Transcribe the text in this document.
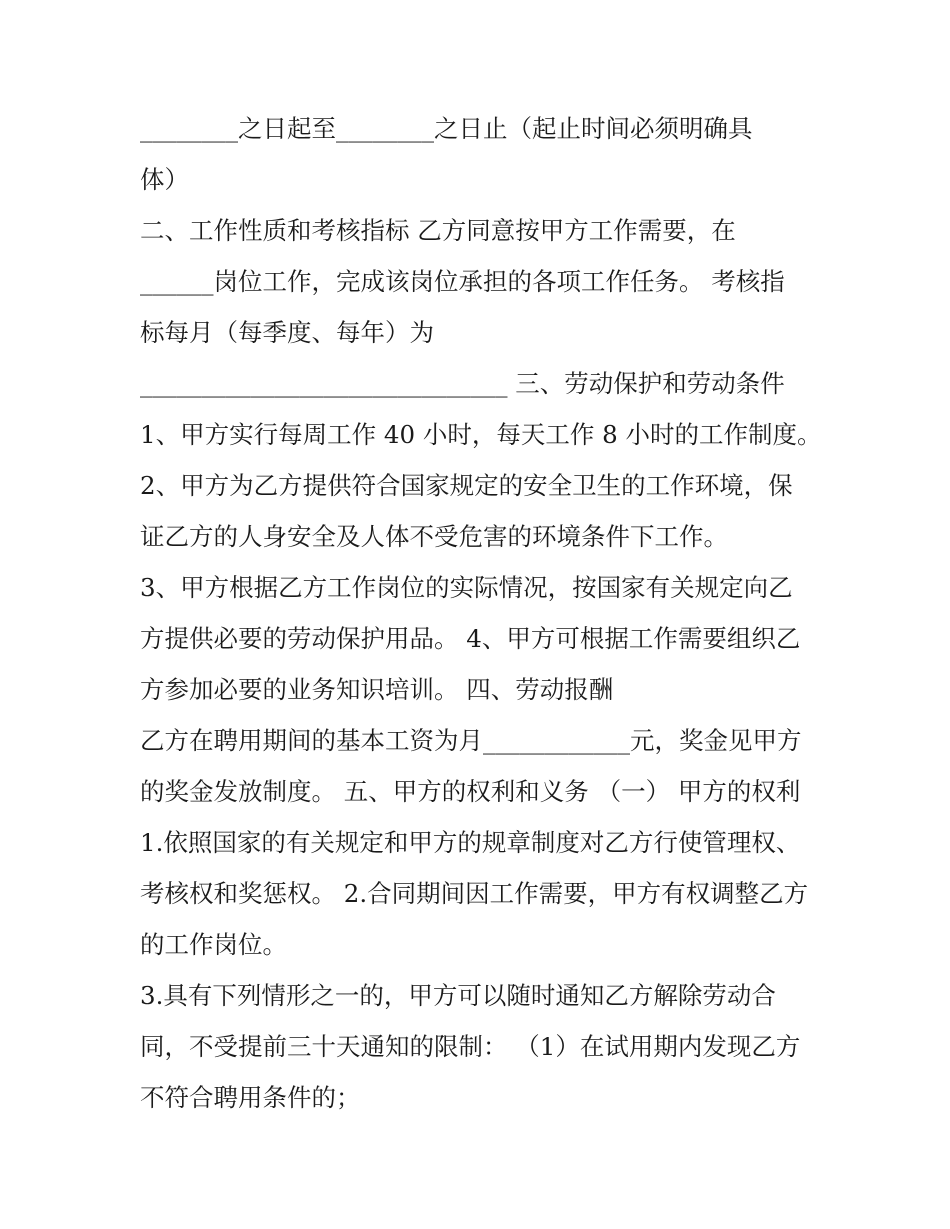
________之日起至________之日止（起止时间必须明确具
体）
二、工作性质和考核指标 乙方同意按甲方工作需要，在
______岗位工作，完成该岗位承担的各项工作任务。 考核指
标每月（每季度、每年）为
______________________________ 三、劳动保护和劳动条件
1、甲方实行每周工作 40 小时，每天工作 8 小时的工作制度。
2、甲方为乙方提供符合国家规定的安全卫生的工作环境，保
证乙方的人身安全及人体不受危害的环境条件下工作。
3、甲方根据乙方工作岗位的实际情况，按国家有关规定向乙
方提供必要的劳动保护用品。 4、甲方可根据工作需要组织乙
方参加必要的业务知识培训。 四、劳动报酬
乙方在聘用期间的基本工资为月____________元，奖金见甲方
的奖金发放制度。 五、甲方的权利和义务 （一） 甲方的权利
1.依照国家的有关规定和甲方的规章制度对乙方行使管理权、
考核权和奖惩权。 2.合同期间因工作需要，甲方有权调整乙方
的工作岗位。
3.具有下列情形之一的，甲方可以随时通知乙方解除劳动合
同，不受提前三十天通知的限制： （1）在试用期内发现乙方
不符合聘用条件的；
